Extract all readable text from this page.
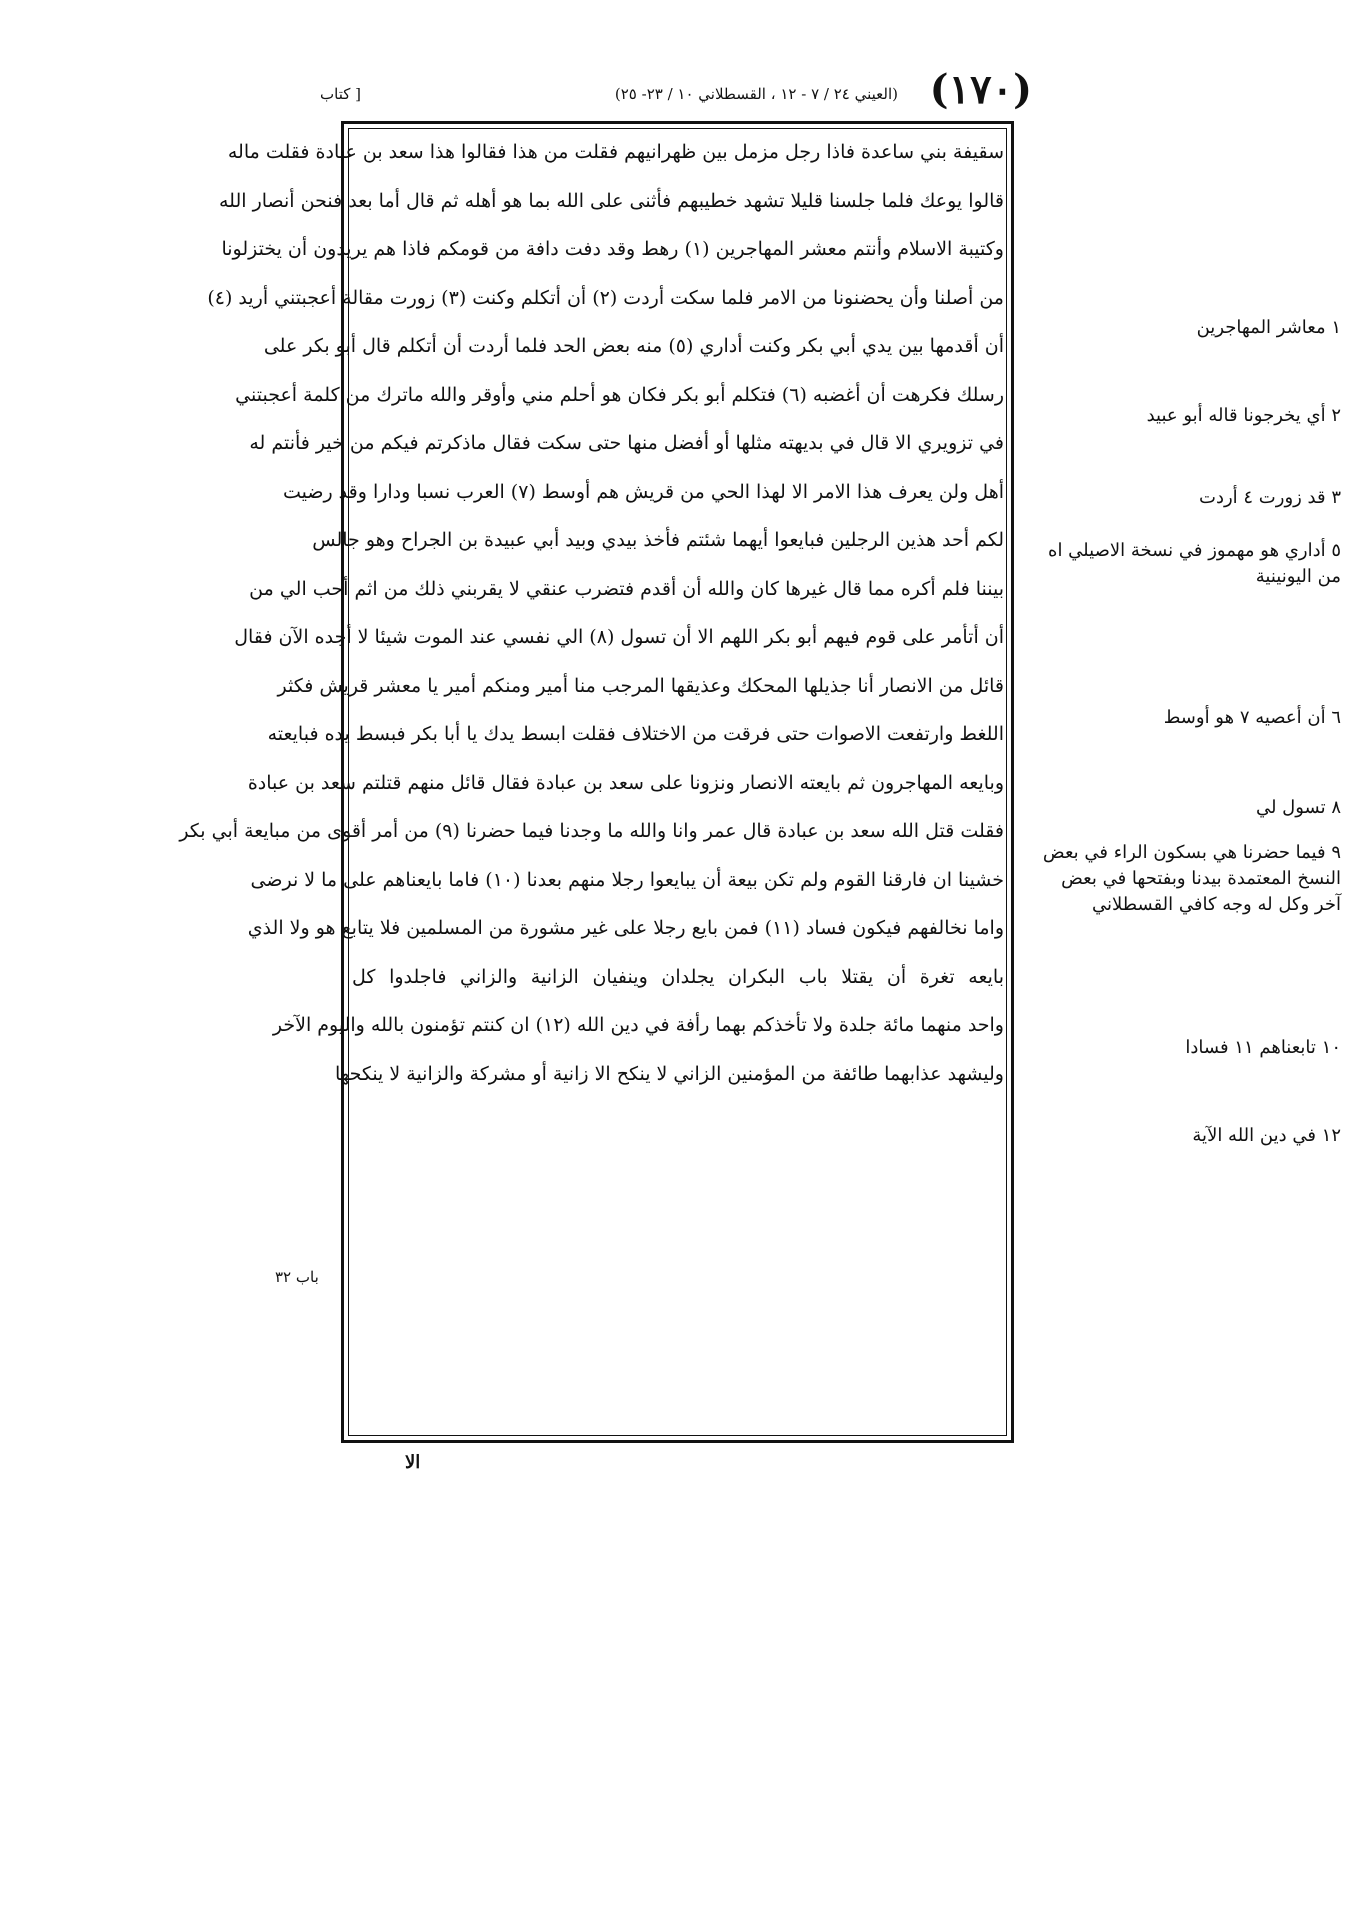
(١٧٠)
(العيني ٢٤ / ٧ - ١٢ ، القسطلاني ١٠ / ٢٣- ٢٥)
[ كتاب
سقيفة بني ساعدة فاذا رجل مزمل بين ظهرانيهم فقلت من هذا فقالوا هذا سعد بن عبادة فقلت ماله
قالوا يوعك فلما جلسنا قليلا تشهد خطيبهم فأثنى على الله بما هو أهله ثم قال أما بعد فنحن أنصار الله
وكتيبة الاسلام وأنتم معشر المهاجرين (١) رهط وقد دفت دافة من قومكم فاذا هم يريدون أن يختزلونا
من أصلنا وأن يحضنونا من الامر فلما سكت أردت (٢) أن أتكلم وكنت (٣) زورت مقالة أعجبتني أريد (٤)
أن أقدمها بين يدي أبي بكر وكنت أداري (٥) منه بعض الحد فلما أردت أن أتكلم قال أبو بكر على
رسلك فكرهت أن أغضبه (٦) فتكلم أبو بكر فكان هو أحلم مني وأوقر والله ماترك من كلمة أعجبتني
في تزويري الا قال في بديهته مثلها أو أفضل منها حتى سكت فقال ماذكرتم فيكم من خير فأنتم له
أهل ولن يعرف هذا الامر الا لهذا الحي من قريش هم أوسط (٧) العرب نسبا ودارا وقد رضيت
لكم أحد هذين الرجلين فبايعوا أيهما شئتم فأخذ بيدي وبيد أبي عبيدة بن الجراح وهو جالس
بيننا فلم أكره مما قال غيرها كان والله أن أقدم فتضرب عنقي لا يقربني ذلك من اثم أحب الي من
أن أتأمر على قوم فيهم أبو بكر اللهم الا أن تسول (٨) الي نفسي عند الموت شيئا لا أجده الآن فقال
قائل من الانصار أنا جذيلها المحكك وعذيقها المرجب منا أمير ومنكم أمير يا معشر قريش فكثر
اللغط وارتفعت الاصوات حتى فرقت من الاختلاف فقلت ابسط يدك يا أبا بكر فبسط يده فبايعته
وبايعه المهاجرون ثم بايعته الانصار ونزونا على سعد بن عبادة فقال قائل منهم قتلتم سعد بن عبادة
فقلت قتل الله سعد بن عبادة قال عمر وانا والله ما وجدنا فيما حضرنا (٩) من أمر أقوى من مبايعة أبي بكر
خشينا ان فارقنا القوم ولم تكن بيعة أن يبايعوا رجلا منهم بعدنا (١٠) فاما بايعناهم على ما لا نرضى
واما نخالفهم فيكون فساد (١١) فمن بايع رجلا على غير مشورة من المسلمين فلا يتابع هو ولا الذي
بايعه تغرة أن يقتلا باب البكران يجلدان وينفيان الزانية والزاني فاجلدوا كل
واحد منهما مائة جلدة ولا تأخذكم بهما رأفة في دين الله (١٢) ان كنتم تؤمنون بالله واليوم الآخر
وليشهد عذابهما طائفة من المؤمنين الزاني لا ينكح الا زانية أو مشركة والزانية لا ينكحها
١ معاشر المهاجرين
٢ أي يخرجونا قاله أبو عبيد
٣ قد زورت ٤ أردت
٥ أداري هو مهموز في نسخة الاصيلي اه من اليونينية
٦ أن أعصيه ٧ هو أوسط
٨ تسول لي
٩ فيما حضرنا هي بسكون الراء في بعض النسخ المعتمدة بيدنا وبفتحها في بعض آخر وكل له وجه كافي القسطلاني
١٠ تابعناهم ١١ فسادا
١٢ في دين الله الآية
باب ٣٢
الا
